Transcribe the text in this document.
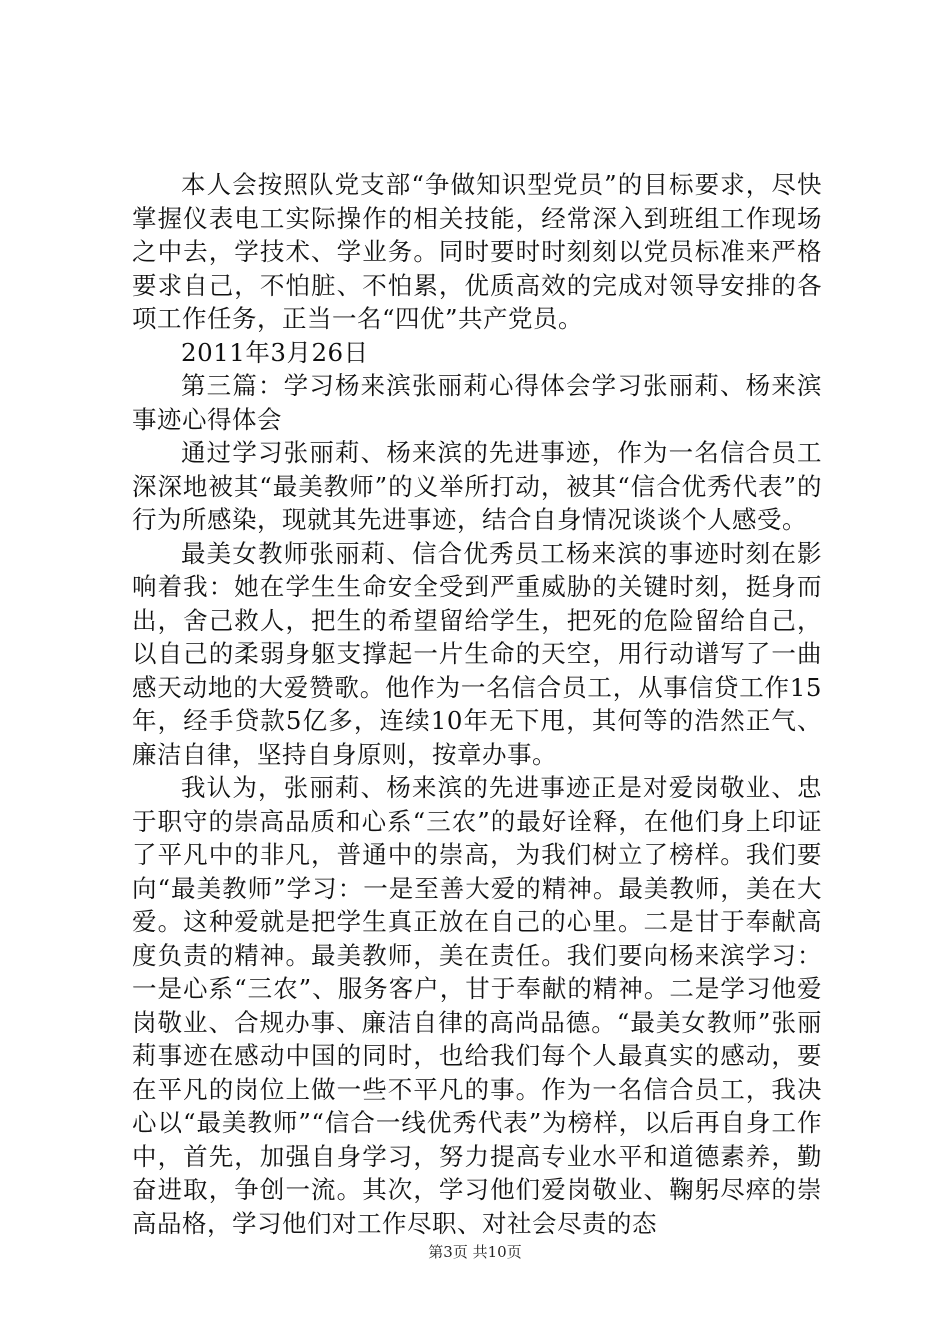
本人会按照队党支部“争做知识型党员”的目标要求，尽快掌握仪表电工实际操作的相关技能，经常深入到班组工作现场之中去，学技术、学业务。同时要时时刻刻以党员标准来严格要求自己，不怕脏、不怕累，优质高效的完成对领导安排的各项工作任务，正当一名“四优”共产党员。

2011年3月26日

第三篇：学习杨来滨张丽莉心得体会学习张丽莉、杨来滨事迹心得体会

通过学习张丽莉、杨来滨的先进事迹，作为一名信合员工深深地被其“最美教师”的义举所打动，被其“信合优秀代表”的行为所感染，现就其先进事迹，结合自身情况谈谈个人感受。

最美女教师张丽莉、信合优秀员工杨来滨的事迹时刻在影响着我：她在学生生命安全受到严重威胁的关键时刻，挺身而出，舍己救人，把生的希望留给学生，把死的危险留给自己，以自己的柔弱身躯支撑起一片生命的天空，用行动谱写了一曲感天动地的大爱赞歌。他作为一名信合员工，从事信贷工作15年，经手贷款5亿多，连续10年无下甩，其何等的浩然正气、廉洁自律，坚持自身原则，按章办事。

我认为，张丽莉、杨来滨的先进事迹正是对爱岗敬业、忠于职守的崇高品质和心系“三农”的最好诠释，在他们身上印证了平凡中的非凡，普通中的崇高，为我们树立了榜样。我们要向“最美教师”学习：一是至善大爱的精神。最美教师，美在大爱。这种爱就是把学生真正放在自己的心里。二是甘于奉献高度负责的精神。最美教师，美在责任。我们要向杨来滨学习：一是心系“三农”、服务客户，甘于奉献的精神。二是学习他爱岗敬业、合规办事、廉洁自律的高尚品德。“最美女教师”张丽莉事迹在感动中国的同时，也给我们每个人最真实的感动，要在平凡的岗位上做一些不平凡的事。作为一名信合员工，我决心以“最美教师”“信合一线优秀代表”为榜样，以后再自身工作中，首先，加强自身学习，努力提高专业水平和道德素养，勤奋进取，争创一流。其次，学习他们爱岗敬业、鞠躬尽瘁的崇高品格，学习他们对工作尽职、对社会尽责的态

第3页 共10页
